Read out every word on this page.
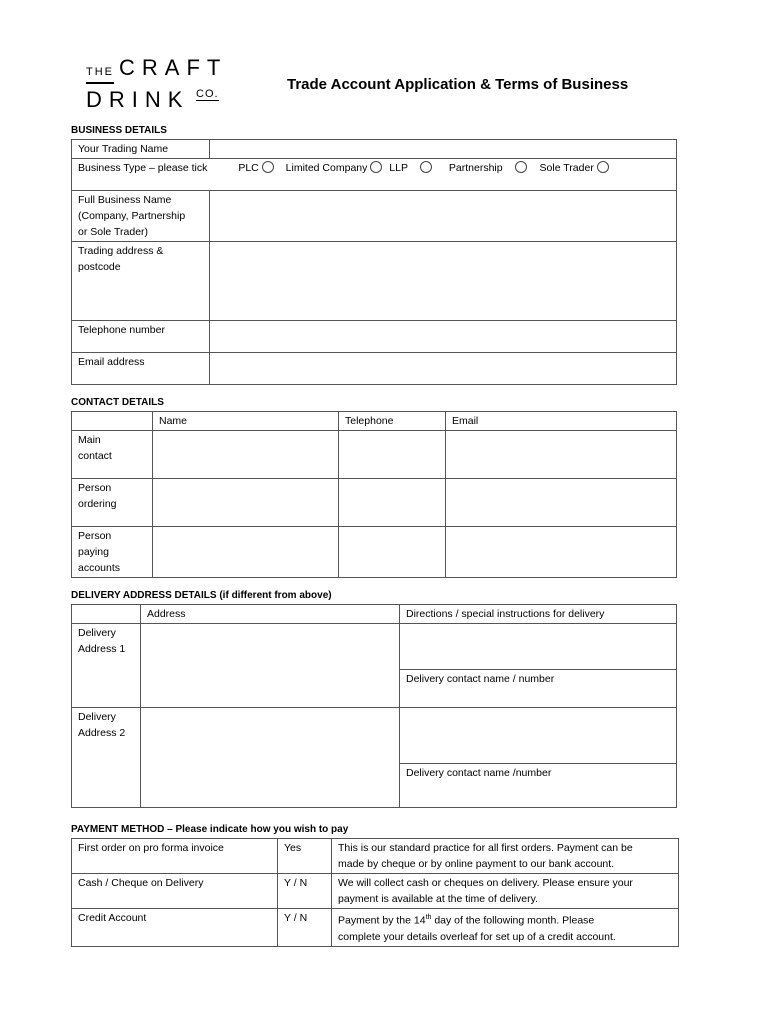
THE CRAFT
DRINK CO.
Trade Account Application & Terms of Business
BUSINESS DETAILS
Your Trading Name	
Business Type – please tick PLC Limited Company LLP Partnership Sole Trader	

Full Business Name
(Company, Partnership
or Sole Trader)	

Trading address &
postcode	

Telephone number	
Email address	
CONTACT DETAILS
	Name	Telephone	Email

Main
contact			

Person
ordering			

Person
paying
accounts			

DELIVERY ADDRESS DETAILS (if different from above)
	Address	Directions / special instructions for delivery

Delivery
Address 1		

		Delivery contact name / number

Delivery
Address 2		

		Delivery contact name /number
PAYMENT METHOD – Please indicate how you wish to pay
First order on pro forma invoice	Yes	This is our standard practice for all first orders. Payment can be
made by cheque or by online payment to our bank account.

Cash / Cheque on Delivery	Y / N	We will collect cash or cheques on delivery. Please ensure your
payment is available at the time of delivery.

Credit Account	Y / N	Payment by the 14th day of the following month. Please
complete your details overleaf for set up of a credit account.
